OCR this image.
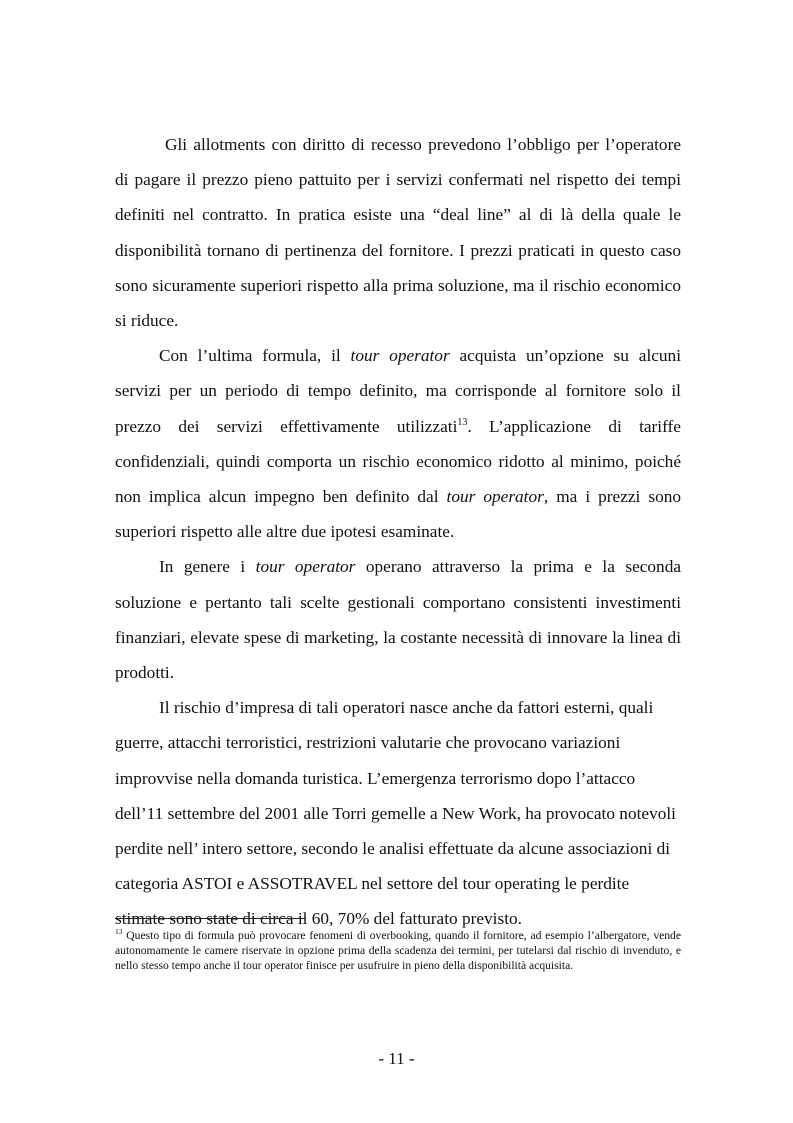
Gli allotments con diritto di recesso prevedono l’obbligo per l’operatore di pagare il prezzo pieno pattuito per i servizi confermati nel rispetto dei tempi definiti nel contratto. In pratica esiste una “deal line” al di là della quale le disponibilità tornano di pertinenza del fornitore. I prezzi praticati in questo caso sono sicuramente superiori rispetto alla prima soluzione, ma il rischio economico si riduce.

Con l’ultima formula, il tour operator acquista un’opzione su alcuni servizi per un periodo di tempo definito, ma corrisponde al fornitore solo il prezzo dei servizi effettivamente utilizzati$^{13}$. L’applicazione di tariffe confidenziali, quindi comporta un rischio economico ridotto al minimo, poiché non implica alcun impegno ben definito dal tour operator, ma i prezzi sono superiori rispetto alle altre due ipotesi esaminate.

In genere i tour operator operano attraverso la prima e la seconda soluzione e pertanto tali scelte gestionali comportano consistenti investimenti finanziari, elevate spese di marketing, la costante necessità di innovare la linea di prodotti.

Il rischio d’impresa di tali operatori nasce anche da fattori esterni, quali guerre, attacchi terroristici, restrizioni valutarie che provocano variazioni improvvise nella domanda turistica. L’emergenza terrorismo dopo l’attacco dell’11 settembre del 2001 alle Torri gemelle a New Work, ha provocato notevoli perdite nell’ intero settore, secondo le analisi effettuate da alcune associazioni di categoria ASTOI e ASSOTRAVEL nel settore del tour operating le perdite stimate sono state di circa il 60, 70% del fatturato previsto.

$^{13}$ Questo tipo di formula può provocare fenomeni di overbooking, quando il fornitore, ad esempio l’albergatore, vende autonomamente le camere riservate in opzione prima della scadenza dei termini, per tutelarsi dal rischio di invenduto, e nello stesso tempo anche il tour operator finisce per usufruire in pieno della disponibilità acquisita.
- 11 -
